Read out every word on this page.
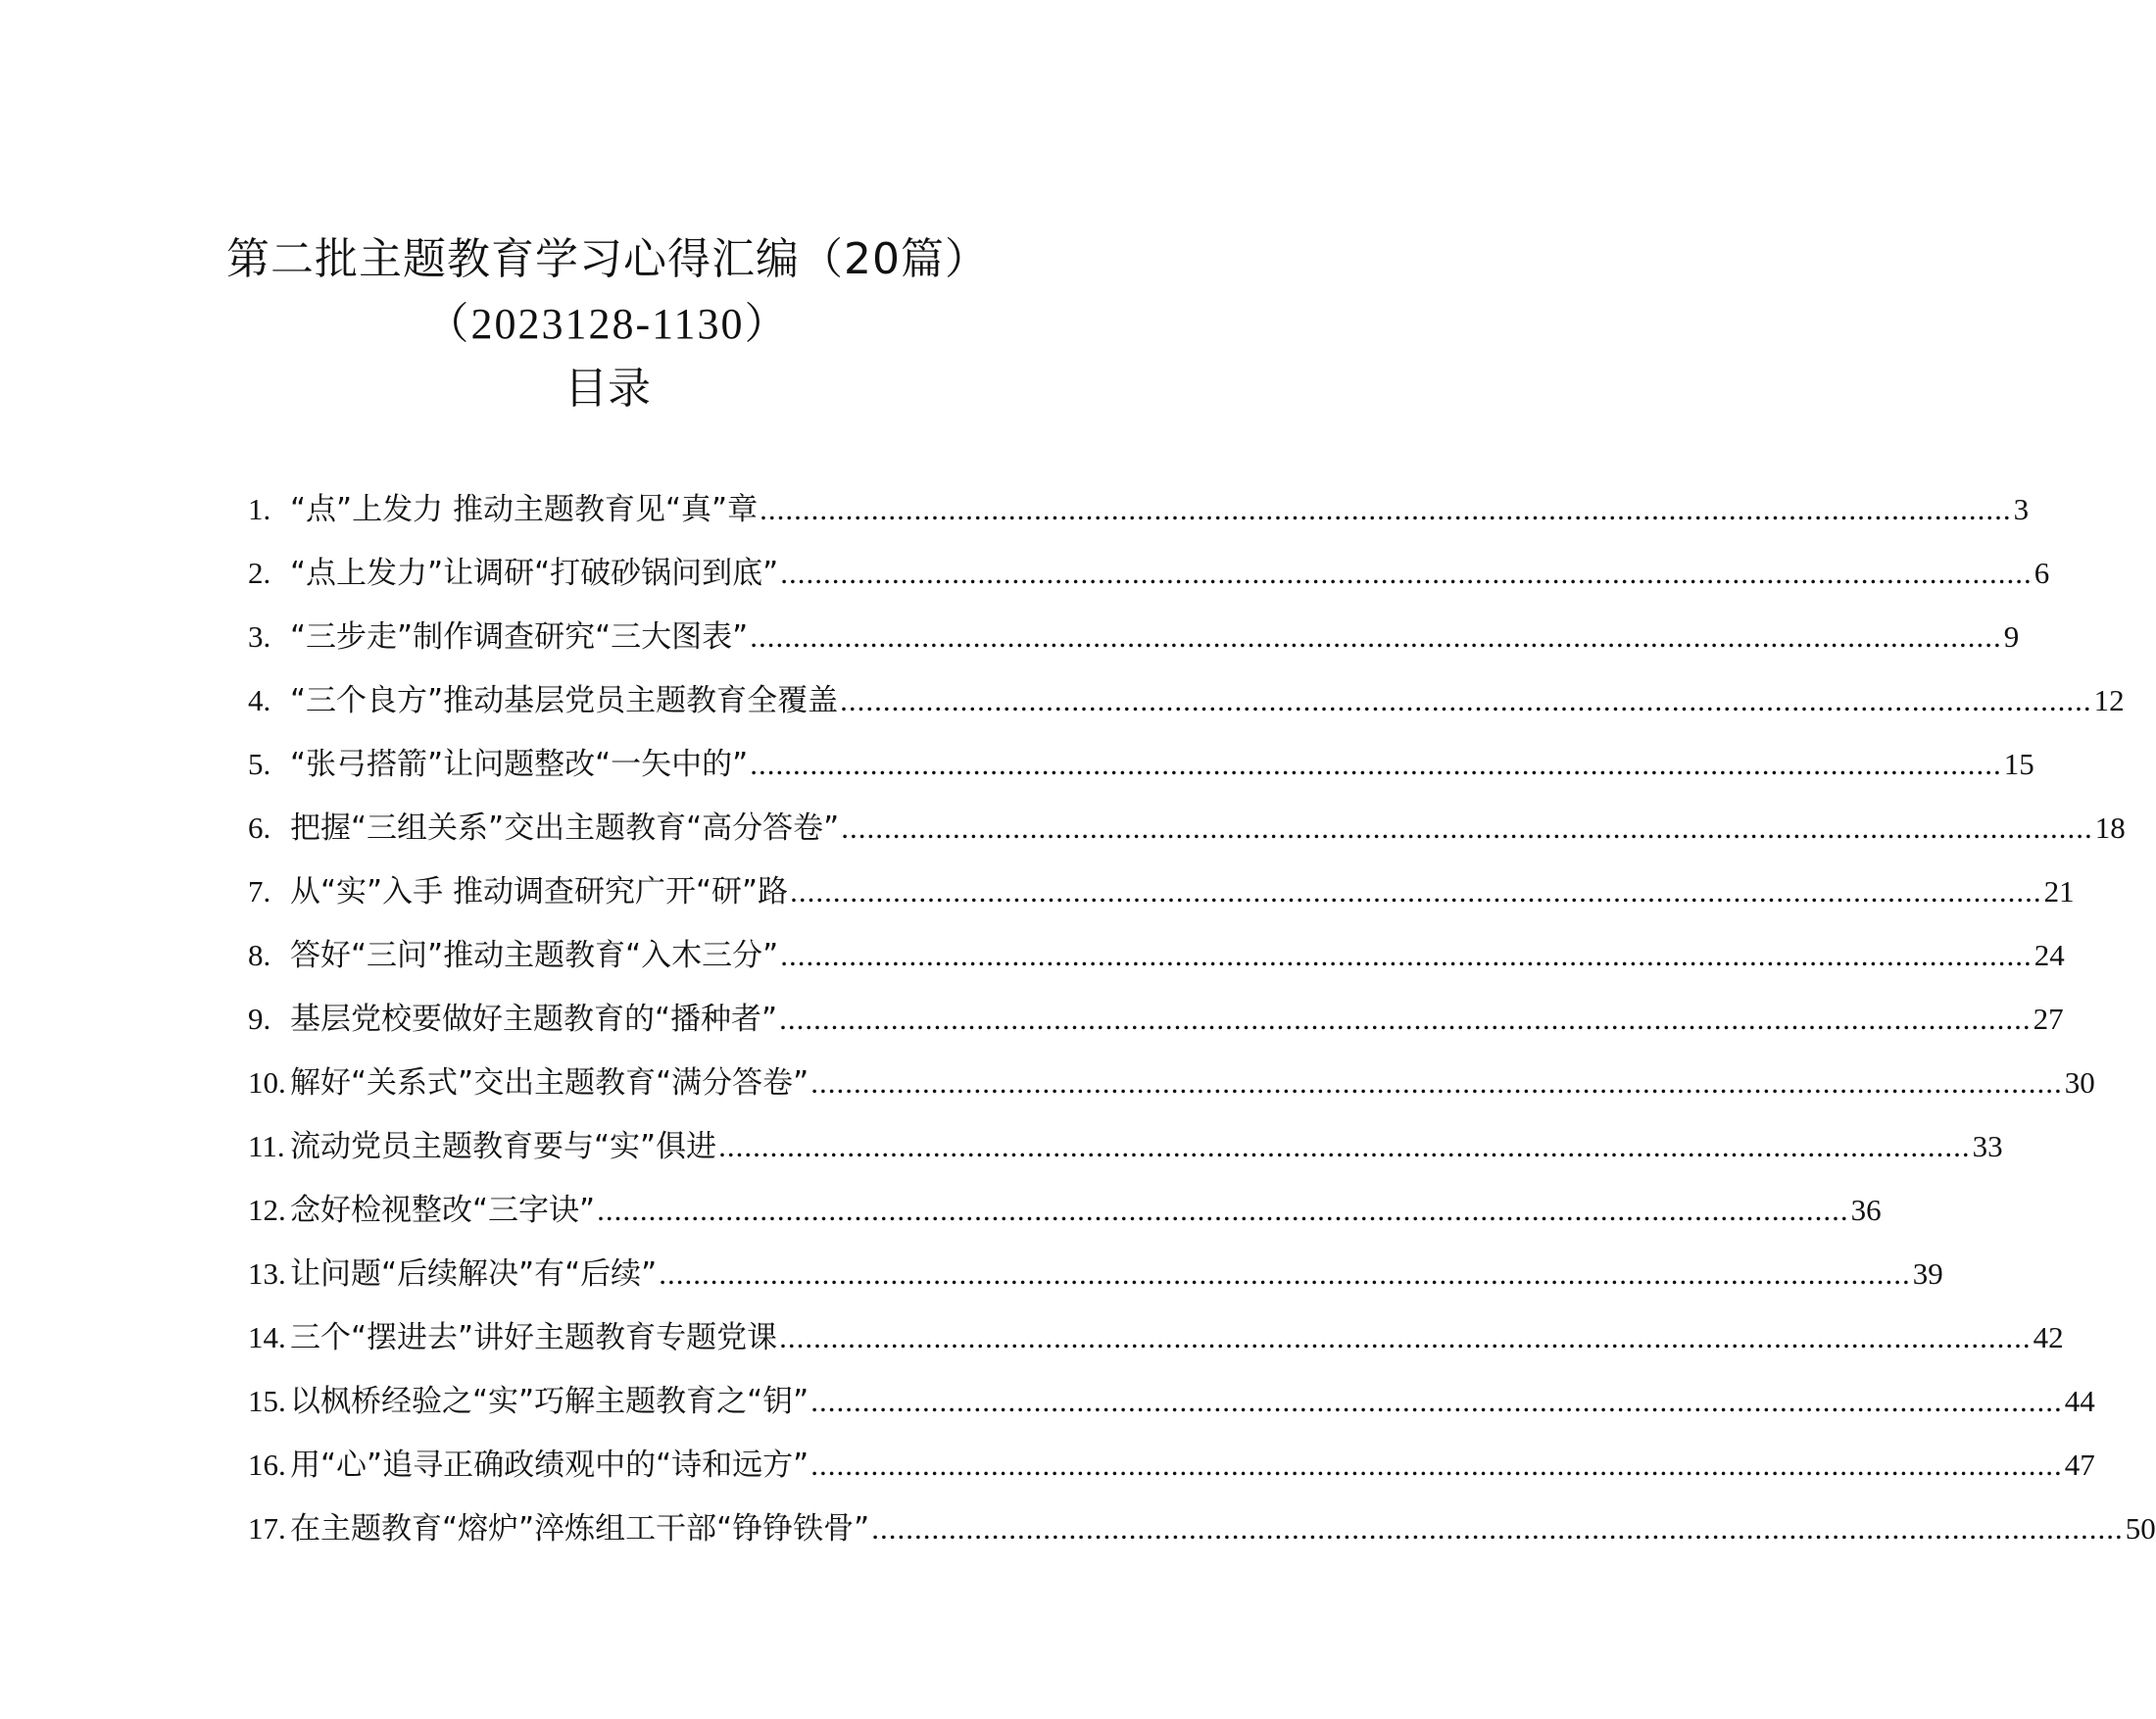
第二批主题教育学习心得汇编（20篇）
（2023128-1130）
目录
1. “点”上发力 推动主题教育见“真”章 .....	3
2. “点上发力”让调研“打破砂锅问到底” .....	6
3. “三步走”制作调查研究“三大图表” .....	9
4. “三个良方”推动基层党员主题教育全覆盖 .....	12
5. “张弓搭箭”让问题整改“一矢中的” .....	15
6. 把握“三组关系”交出主题教育“高分答卷” .....	18
7. 从“实”入手 推动调查研究广开“研”路 .....	21
8. 答好“三问”推动主题教育“入木三分” .....	24
9. 基层党校要做好主题教育的“播种者” .....	27
10. 解好“关系式”交出主题教育“满分答卷” .....	30
11. 流动党员主题教育要与“实”俱进 .....	33
12. 念好检视整改“三字诀” .....	36
13. 让问题“后续解决”有“后续” .....	39
14. 三个“摆进去”讲好主题教育专题党课 .....	42
15. 以枫桥经验之“实”巧解主题教育之“钥” .....	44
16. 用“心”追寻正确政绩观中的“诗和远方” .....	47
17. 在主题教育“熔炉”淬炼组工干部“铮铮铁骨” .....	50
